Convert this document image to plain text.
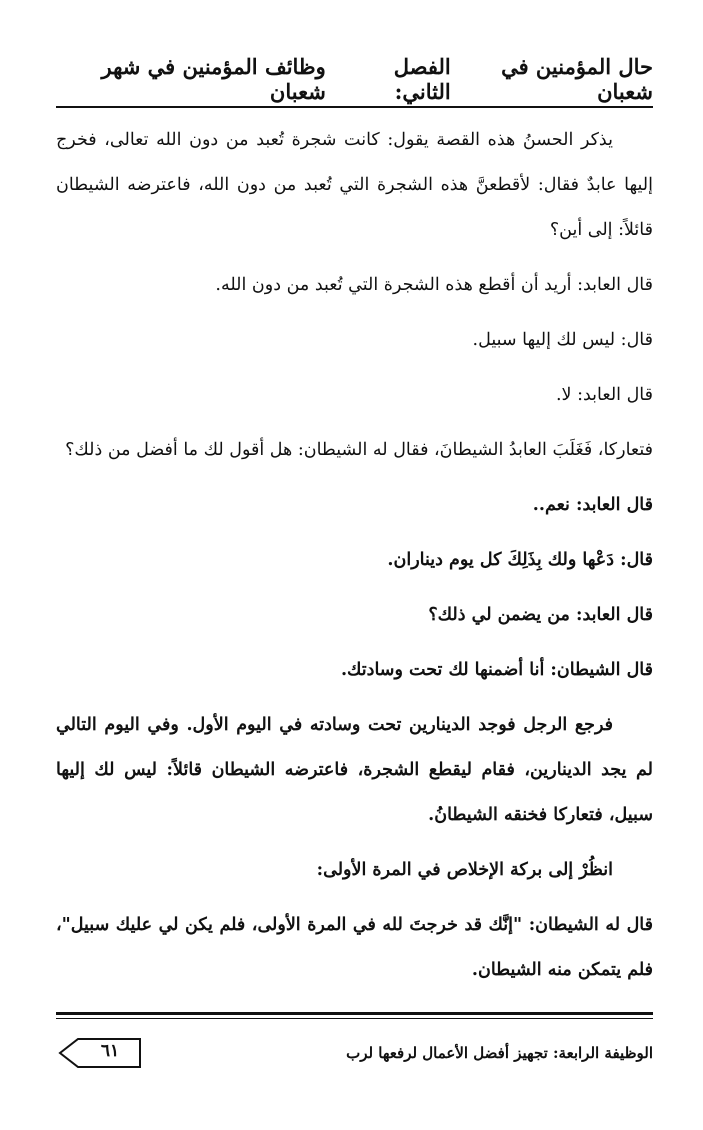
حال المؤمنين في شعبان
الفصل الثاني:
وظائف المؤمنين في شهر شعبان

يذكر الحسنُ هذه القصة يقول: كانت شجرة تُعبد من دون الله تعالى، فخرج إليها عابدٌ فقال: لأقطعنَّ هذه الشجرة التي تُعبد من دون الله، فاعترضه الشيطان قائلاً: إلى أين؟

قال العابد: أريد أن أقطع هذه الشجرة التي تُعبد من دون الله.

قال: ليس لك إليها سبيل.

قال العابد: لا.

فتعاركا، فَغَلَبَ العابدُ الشيطانَ، فقال له الشيطان: هل أقول لك ما أفضل من ذلك؟

قال العابد: نعم..

قال: دَعْها ولك بِذَلِكَ كل يوم ديناران.

قال العابد: من يضمن لي ذلك؟

قال الشيطان: أنا أضمنها لك تحت وسادتك.

فرجع الرجل فوجد الدينارين تحت وسادته في اليوم الأول. وفي اليوم التالي لم يجد الدينارين، فقام ليقطع الشجرة، فاعترضه الشيطان قائلاً: ليس لك إليها سبيل، فتعاركا فخنقه الشيطانُ.

انظُرْ إلى بركة الإخلاص في المرة الأولى:

قال له الشيطان: "إنَّك قد خرجتَ لله في المرة الأولى، فلم يكن لي عليك سبيل"، فلم يتمكن منه الشيطان.

الوظيفة الرابعة: تجهيز أفضل الأعمال لرفعها لرب
٦١
